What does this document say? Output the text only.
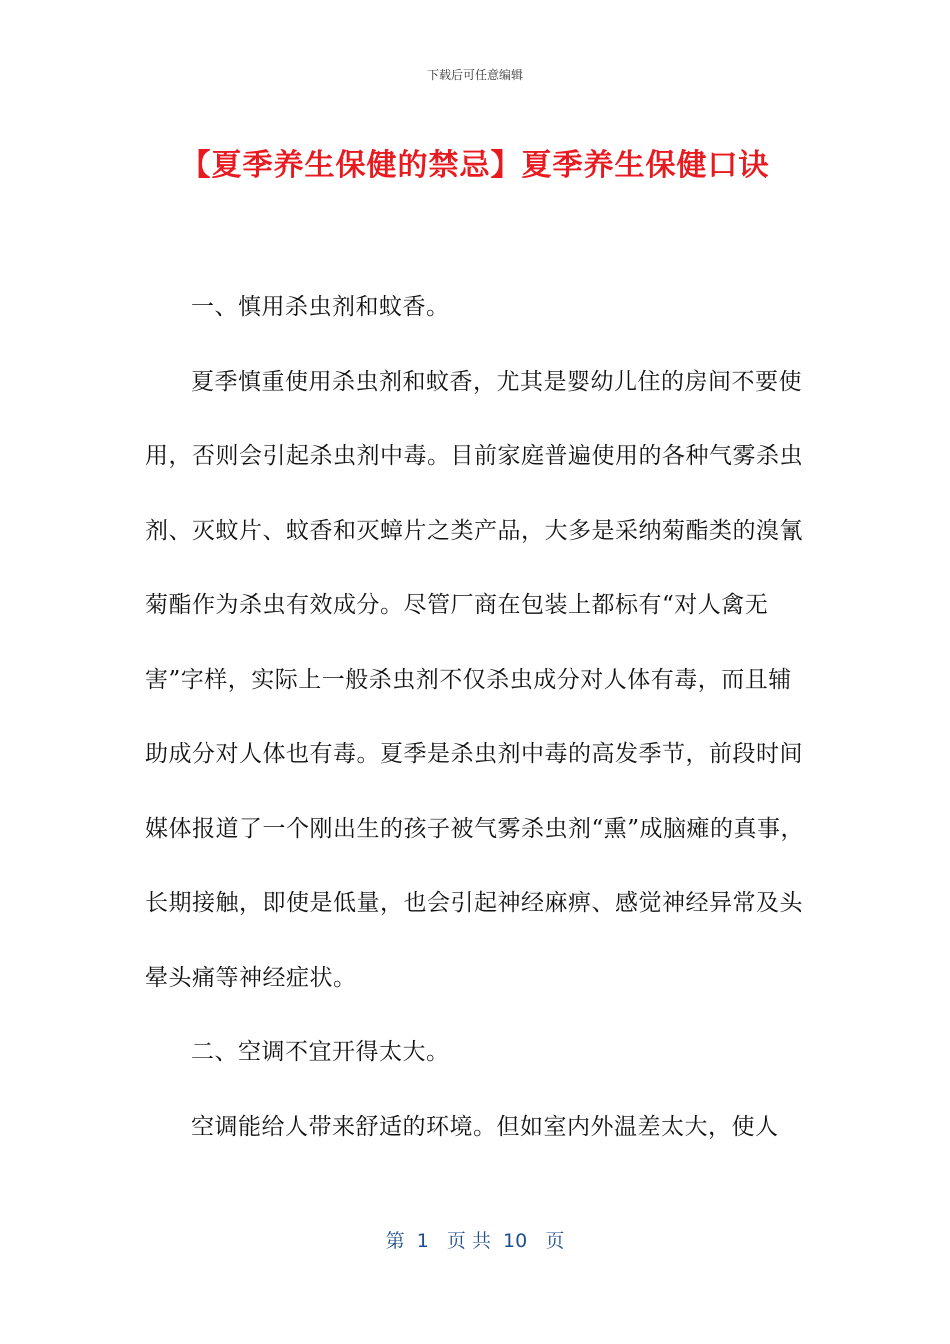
下载后可任意编辑
【夏季养生保健的禁忌】夏季养生保健口诀

一、慎用杀虫剂和蚊香。

夏季慎重使用杀虫剂和蚊香，尤其是婴幼儿住的房间不要使用，否则会引起杀虫剂中毒。目前家庭普遍使用的各种气雾杀虫剂、灭蚊片、蚊香和灭蟑片之类产品，大多是采纳菊酯类的溴氰菊酯作为杀虫有效成分。尽管厂商在包装上都标有“对人禽无害”字样，实际上一般杀虫剂不仅杀虫成分对人体有毒，而且辅助成分对人体也有毒。夏季是杀虫剂中毒的高发季节，前段时间媒体报道了一个刚出生的孩子被气雾杀虫剂“熏”成脑瘫的真事，长期接触，即使是低量，也会引起神经麻痹、感觉神经异常及头晕头痛等神经症状。

二、空调不宜开得太大。

空调能给人带来舒适的环境。但如室内外温差太大，使人

第  1   页 共  10   页
